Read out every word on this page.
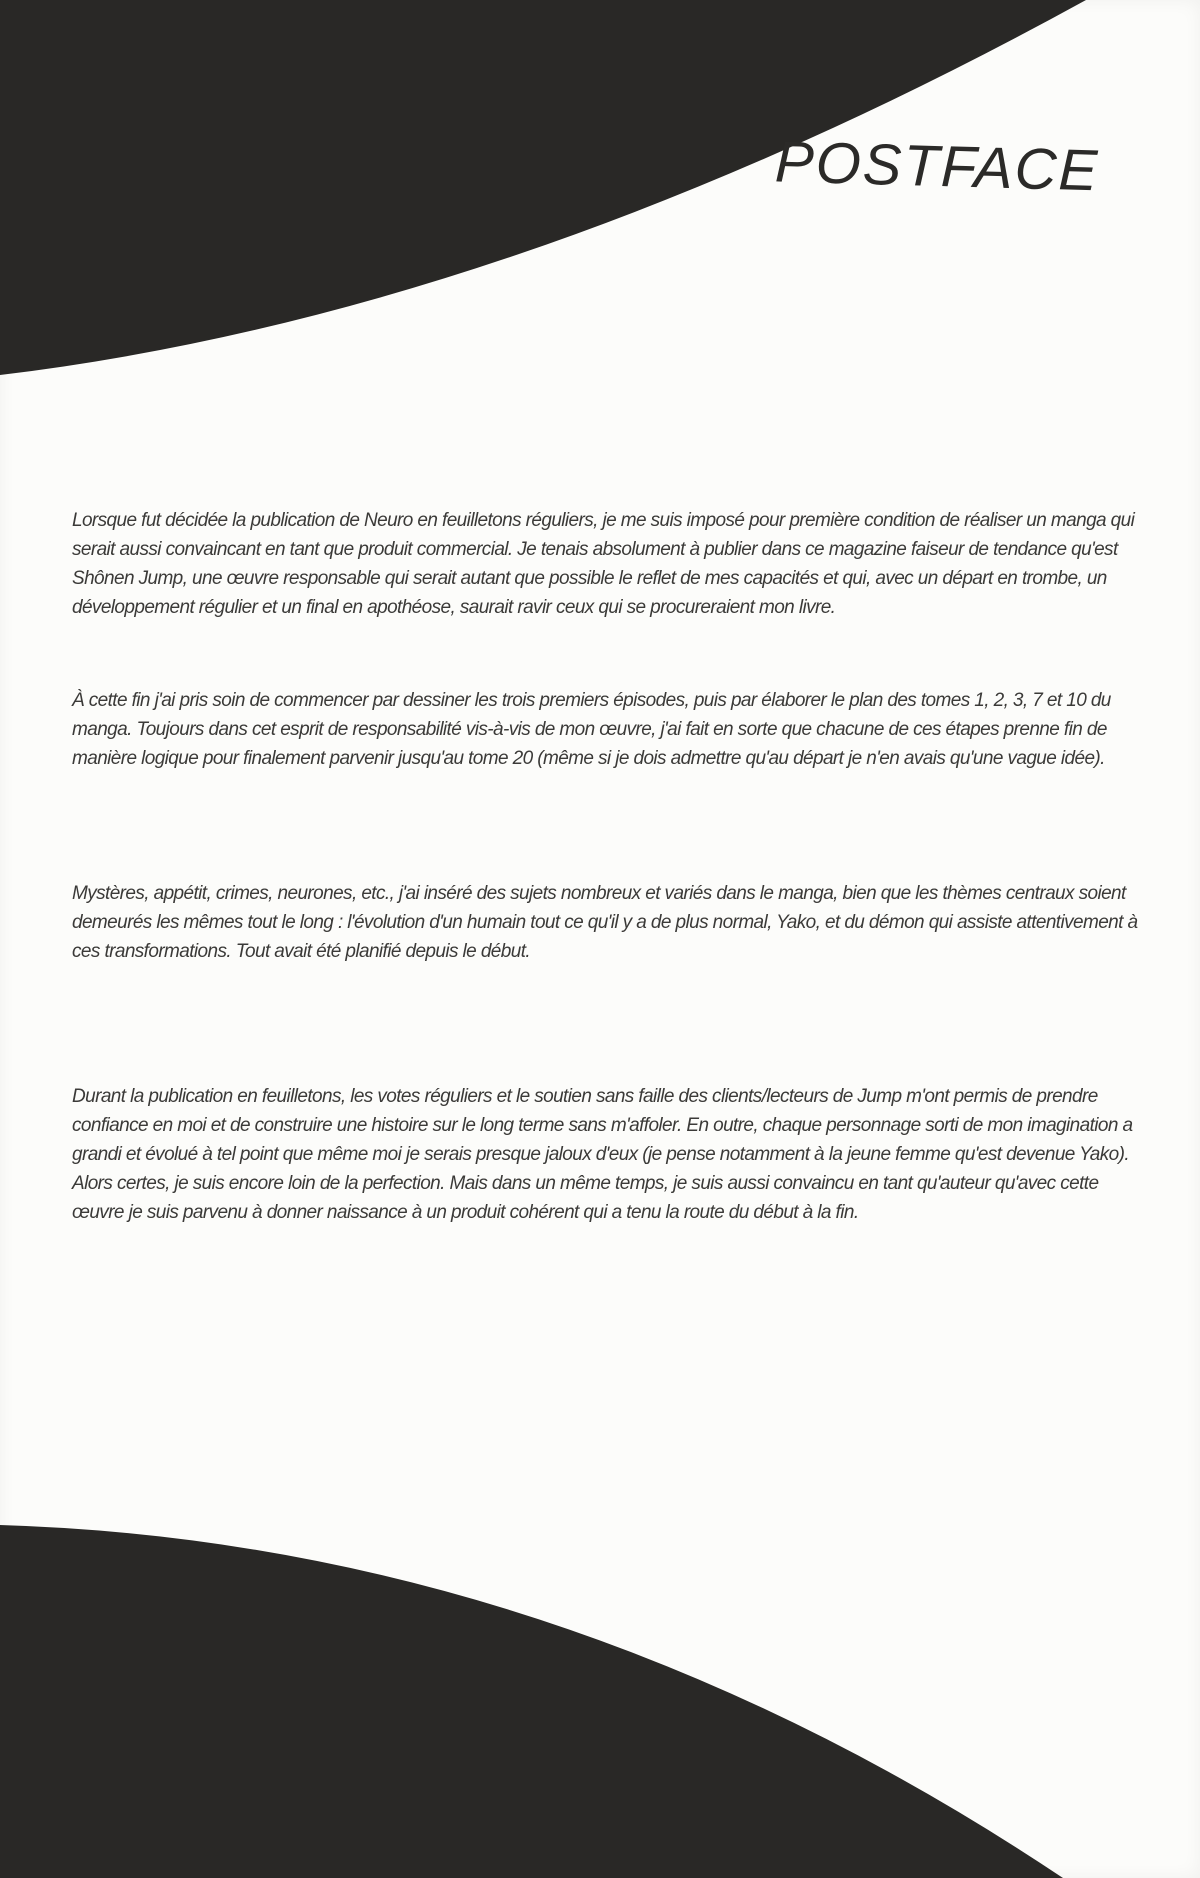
POSTFACE

Lorsque fut décidée la publication de Neuro en feuilletons réguliers, je me suis imposé pour première condition de réaliser un manga qui serait aussi convaincant en tant que produit commercial. Je tenais absolument à publier dans ce magazine faiseur de tendance qu'est Shônen Jump, une œuvre responsable qui serait autant que possible le reflet de mes capacités et qui, avec un départ en trombe, un développement régulier et un final en apothéose, saurait ravir ceux qui se procureraient mon livre.

À cette fin j'ai pris soin de commencer par dessiner les trois premiers épisodes, puis par élaborer le plan des tomes 1, 2, 3, 7 et 10 du manga. Toujours dans cet esprit de responsabilité vis-à-vis de mon œuvre, j'ai fait en sorte que chacune de ces étapes prenne fin de manière logique pour finalement parvenir jusqu'au tome 20 (même si je dois admettre qu'au départ je n'en avais qu'une vague idée).

Mystères, appétit, crimes, neurones, etc., j'ai inséré des sujets nombreux et variés dans le manga, bien que les thèmes centraux soient demeurés les mêmes tout le long : l'évolution d'un humain tout ce qu'il y a de plus normal, Yako, et du démon qui assiste attentivement à ces transformations. Tout avait été planifié depuis le début.

Durant la publication en feuilletons, les votes réguliers et le soutien sans faille des clients/lecteurs de Jump m'ont permis de prendre confiance en moi et de construire une histoire sur le long terme sans m'affoler. En outre, chaque personnage sorti de mon imagination a grandi et évolué à tel point que même moi je serais presque jaloux d'eux (je pense notamment à la jeune femme qu'est devenue Yako).

Alors certes, je suis encore loin de la perfection. Mais dans un même temps, je suis aussi convaincu en tant qu'auteur qu'avec cette œuvre je suis parvenu à donner naissance à un produit cohérent qui a tenu la route du début à la fin.
